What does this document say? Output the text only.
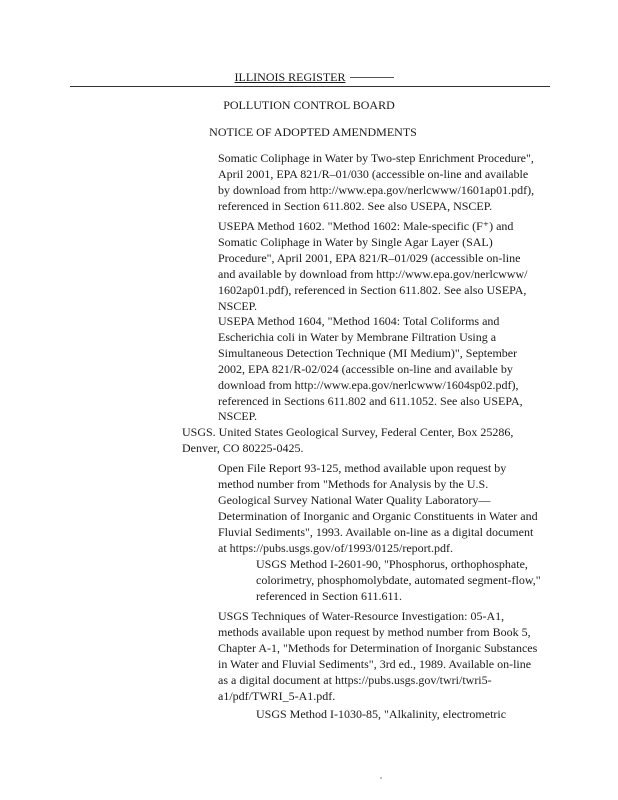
ILLINOIS REGISTER
POLLUTION CONTROL BOARD
NOTICE OF ADOPTED AMENDMENTS

Somatic Coliphage in Water by Two-step Enrichment Procedure",
April 2001, EPA 821/R–01/030 (accessible on-line and available
by download from http://www.epa.gov/nerlcwww/1601ap01.pdf),
referenced in Section 611.802. See also USEPA, NSCEP.

USEPA Method 1602. "Method 1602: Male-specific (F⁺) and
Somatic Coliphage in Water by Single Agar Layer (SAL)
Procedure", April 2001, EPA 821/R–01/029 (accessible on-line
and available by download from http://www.epa.gov/nerlcwww/
1602ap01.pdf), referenced in Section 611.802. See also USEPA,
NSCEP.

USEPA Method 1604, "Method 1604: Total Coliforms and
Escherichia coli in Water by Membrane Filtration Using a
Simultaneous Detection Technique (MI Medium)", September
2002, EPA 821/R-02/024 (accessible on-line and available by
download from http://www.epa.gov/nerlcwww/1604sp02.pdf),
referenced in Sections 611.802 and 611.1052. See also USEPA,
NSCEP.

USGS. United States Geological Survey, Federal Center, Box 25286,
Denver, CO 80225-0425.

Open File Report 93-125, method available upon request by
method number from "Methods for Analysis by the U.S.
Geological Survey National Water Quality Laboratory—
Determination of Inorganic and Organic Constituents in Water and
Fluvial Sediments", 1993. Available on-line as a digital document
at https://pubs.usgs.gov/of/1993/0125/report.pdf.

USGS Method I-2601-90, "Phosphorus, orthophosphate,
colorimetry, phosphomolybdate, automated segment-flow,"
referenced in Section 611.611.

USGS Techniques of Water-Resource Investigation: 05-A1,
methods available upon request by method number from Book 5,
Chapter A-1, "Methods for Determination of Inorganic Substances
in Water and Fluvial Sediments", 3rd ed., 1989. Available on-line
as a digital document at https://pubs.usgs.gov/twri/twri5-
a1/pdf/TWRI_5-A1.pdf.

USGS Method I-1030-85, "Alkalinity, electrometric
